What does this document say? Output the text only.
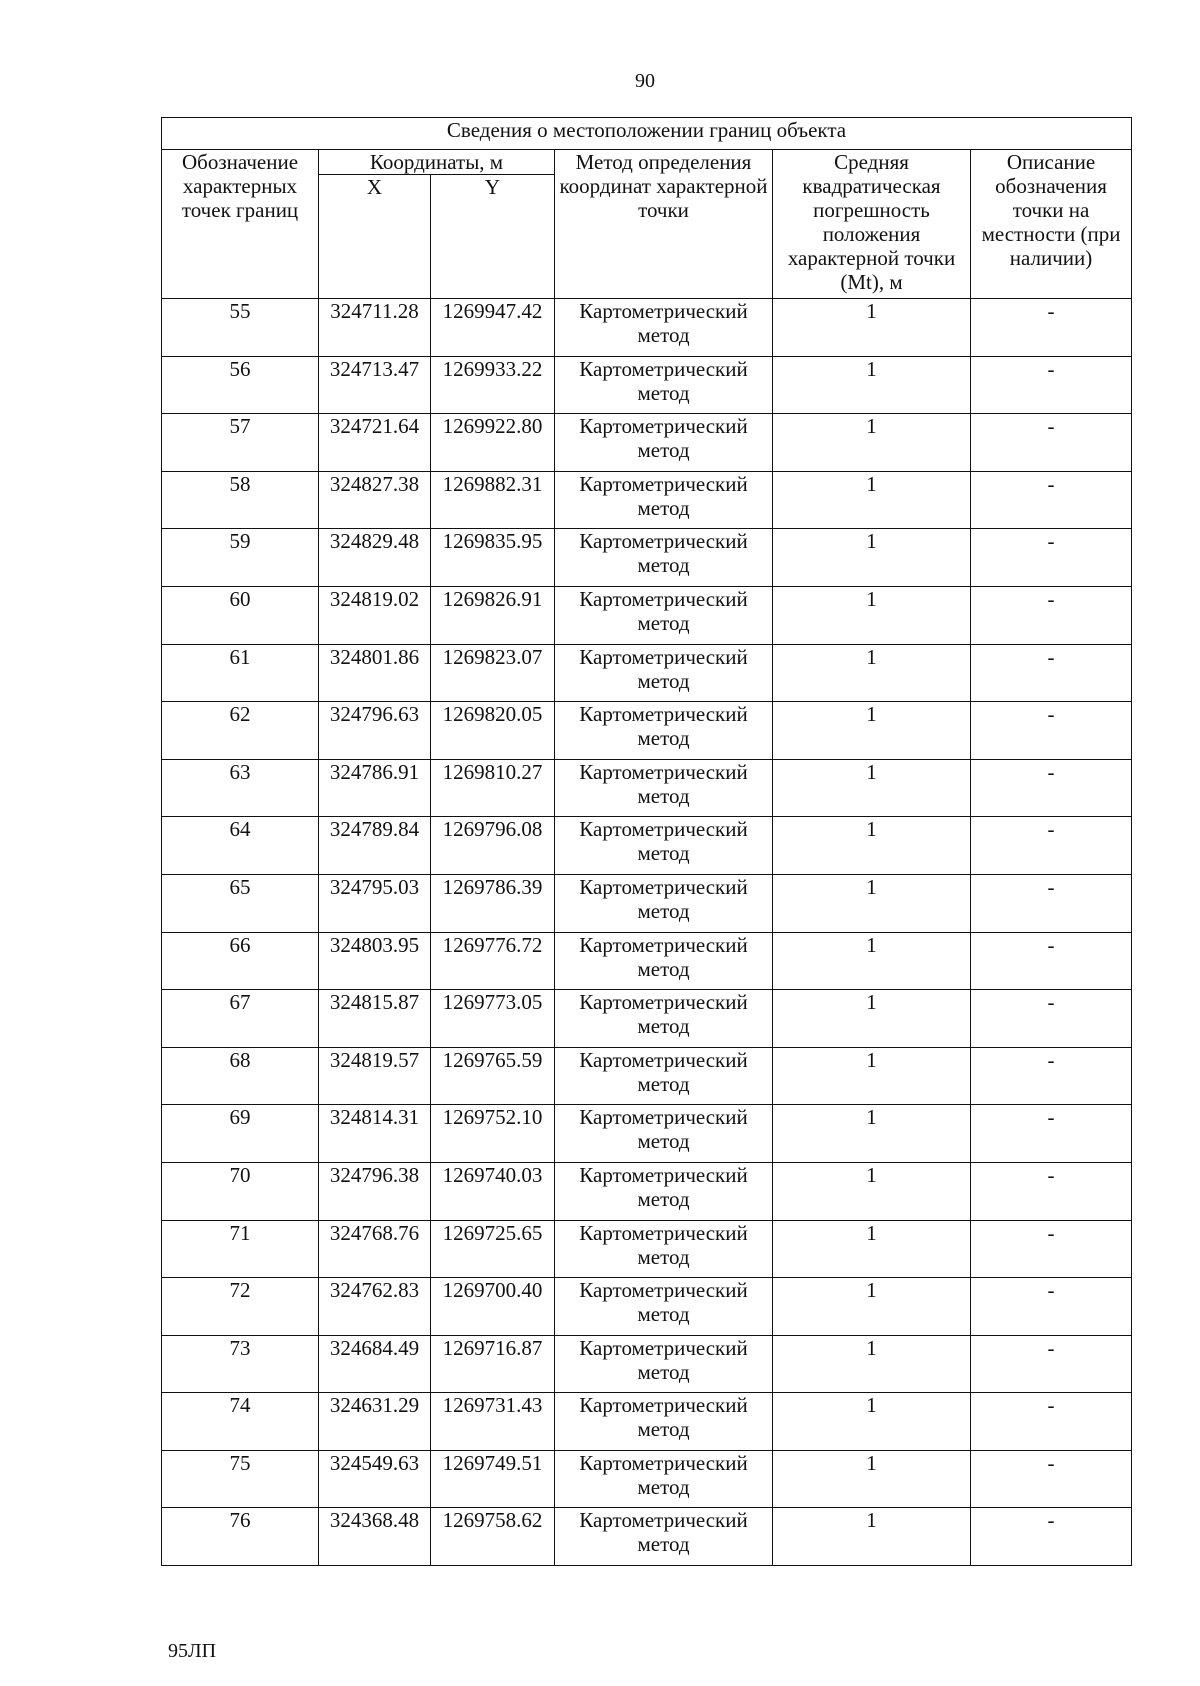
90
Сведения о местоположении границ объекта					
Обозначение характерных точек границ	Координаты, м		Метод определения координат характерной точки	Средняя квадратическая погрешность положения характерной точки (Mt), м	Описание обозначения точки на местности (при наличии)
	X	Y			
55	324711.28	1269947.42	Картометрический метод	1	-
56	324713.47	1269933.22	Картометрический метод	1	-
57	324721.64	1269922.80	Картометрический метод	1	-
58	324827.38	1269882.31	Картометрический метод	1	-
59	324829.48	1269835.95	Картометрический метод	1	-
60	324819.02	1269826.91	Картометрический метод	1	-
61	324801.86	1269823.07	Картометрический метод	1	-
62	324796.63	1269820.05	Картометрический метод	1	-
63	324786.91	1269810.27	Картометрический метод	1	-
64	324789.84	1269796.08	Картометрический метод	1	-
65	324795.03	1269786.39	Картометрический метод	1	-
66	324803.95	1269776.72	Картометрический метод	1	-
67	324815.87	1269773.05	Картометрический метод	1	-
68	324819.57	1269765.59	Картометрический метод	1	-
69	324814.31	1269752.10	Картометрический метод	1	-
70	324796.38	1269740.03	Картометрический метод	1	-
71	324768.76	1269725.65	Картометрический метод	1	-
72	324762.83	1269700.40	Картометрический метод	1	-
73	324684.49	1269716.87	Картометрический метод	1	-
74	324631.29	1269731.43	Картометрический метод	1	-
75	324549.63	1269749.51	Картометрический метод	1	-
76	324368.48	1269758.62	Картометрический метод	1	-
95ЛП
